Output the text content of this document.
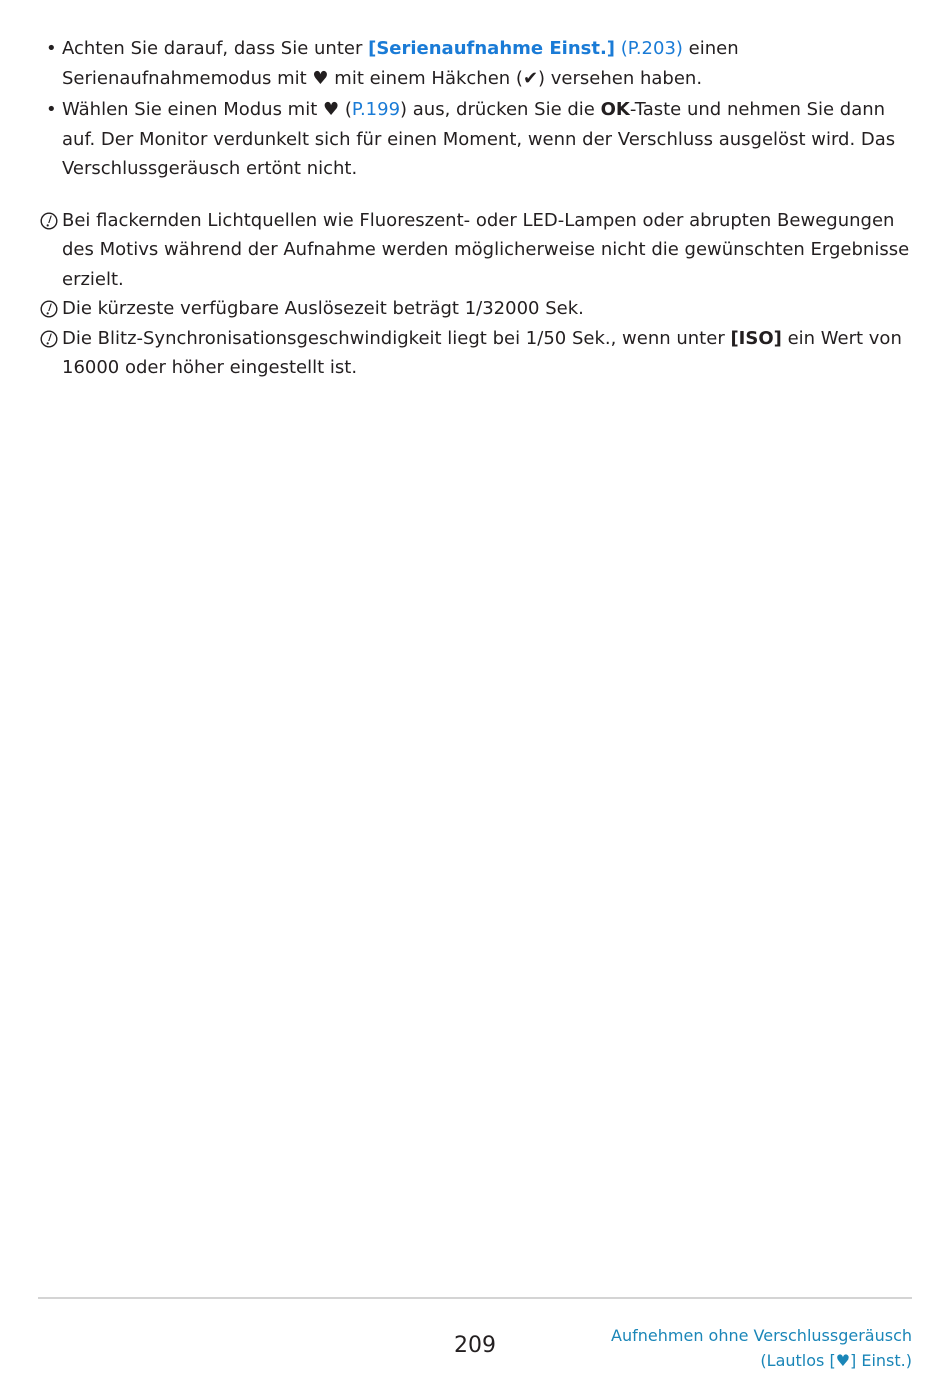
• Achten Sie darauf, dass Sie unter [Serienaufnahme Einst.] (P.203) einen Serienaufnahmemodus mit ♥ mit einem Häkchen (✔) versehen haben.
• Wählen Sie einen Modus mit ♥ (P.199) aus, drücken Sie die OK-Taste und nehmen Sie dann auf. Der Monitor verdunkelt sich für einen Moment, wenn der Verschluss ausgelöst wird. Das Verschlussgeräusch ertönt nicht.
Bei flackernden Lichtquellen wie Fluoreszent- oder LED-Lampen oder abrupten Bewegungen des Motivs während der Aufnahme werden möglicherweise nicht die gewünschten Ergebnisse erzielt.
Die kürzeste verfügbare Auslösezeit beträgt 1/32000 Sek.
Die Blitz-Synchronisationsgeschwindigkeit liegt bei 1/50 Sek., wenn unter [ISO] ein Wert von 16000 oder höher eingestellt ist.
209	Aufnehmen ohne Verschlussgeräusch
(Lautlos [♥] Einst.)
